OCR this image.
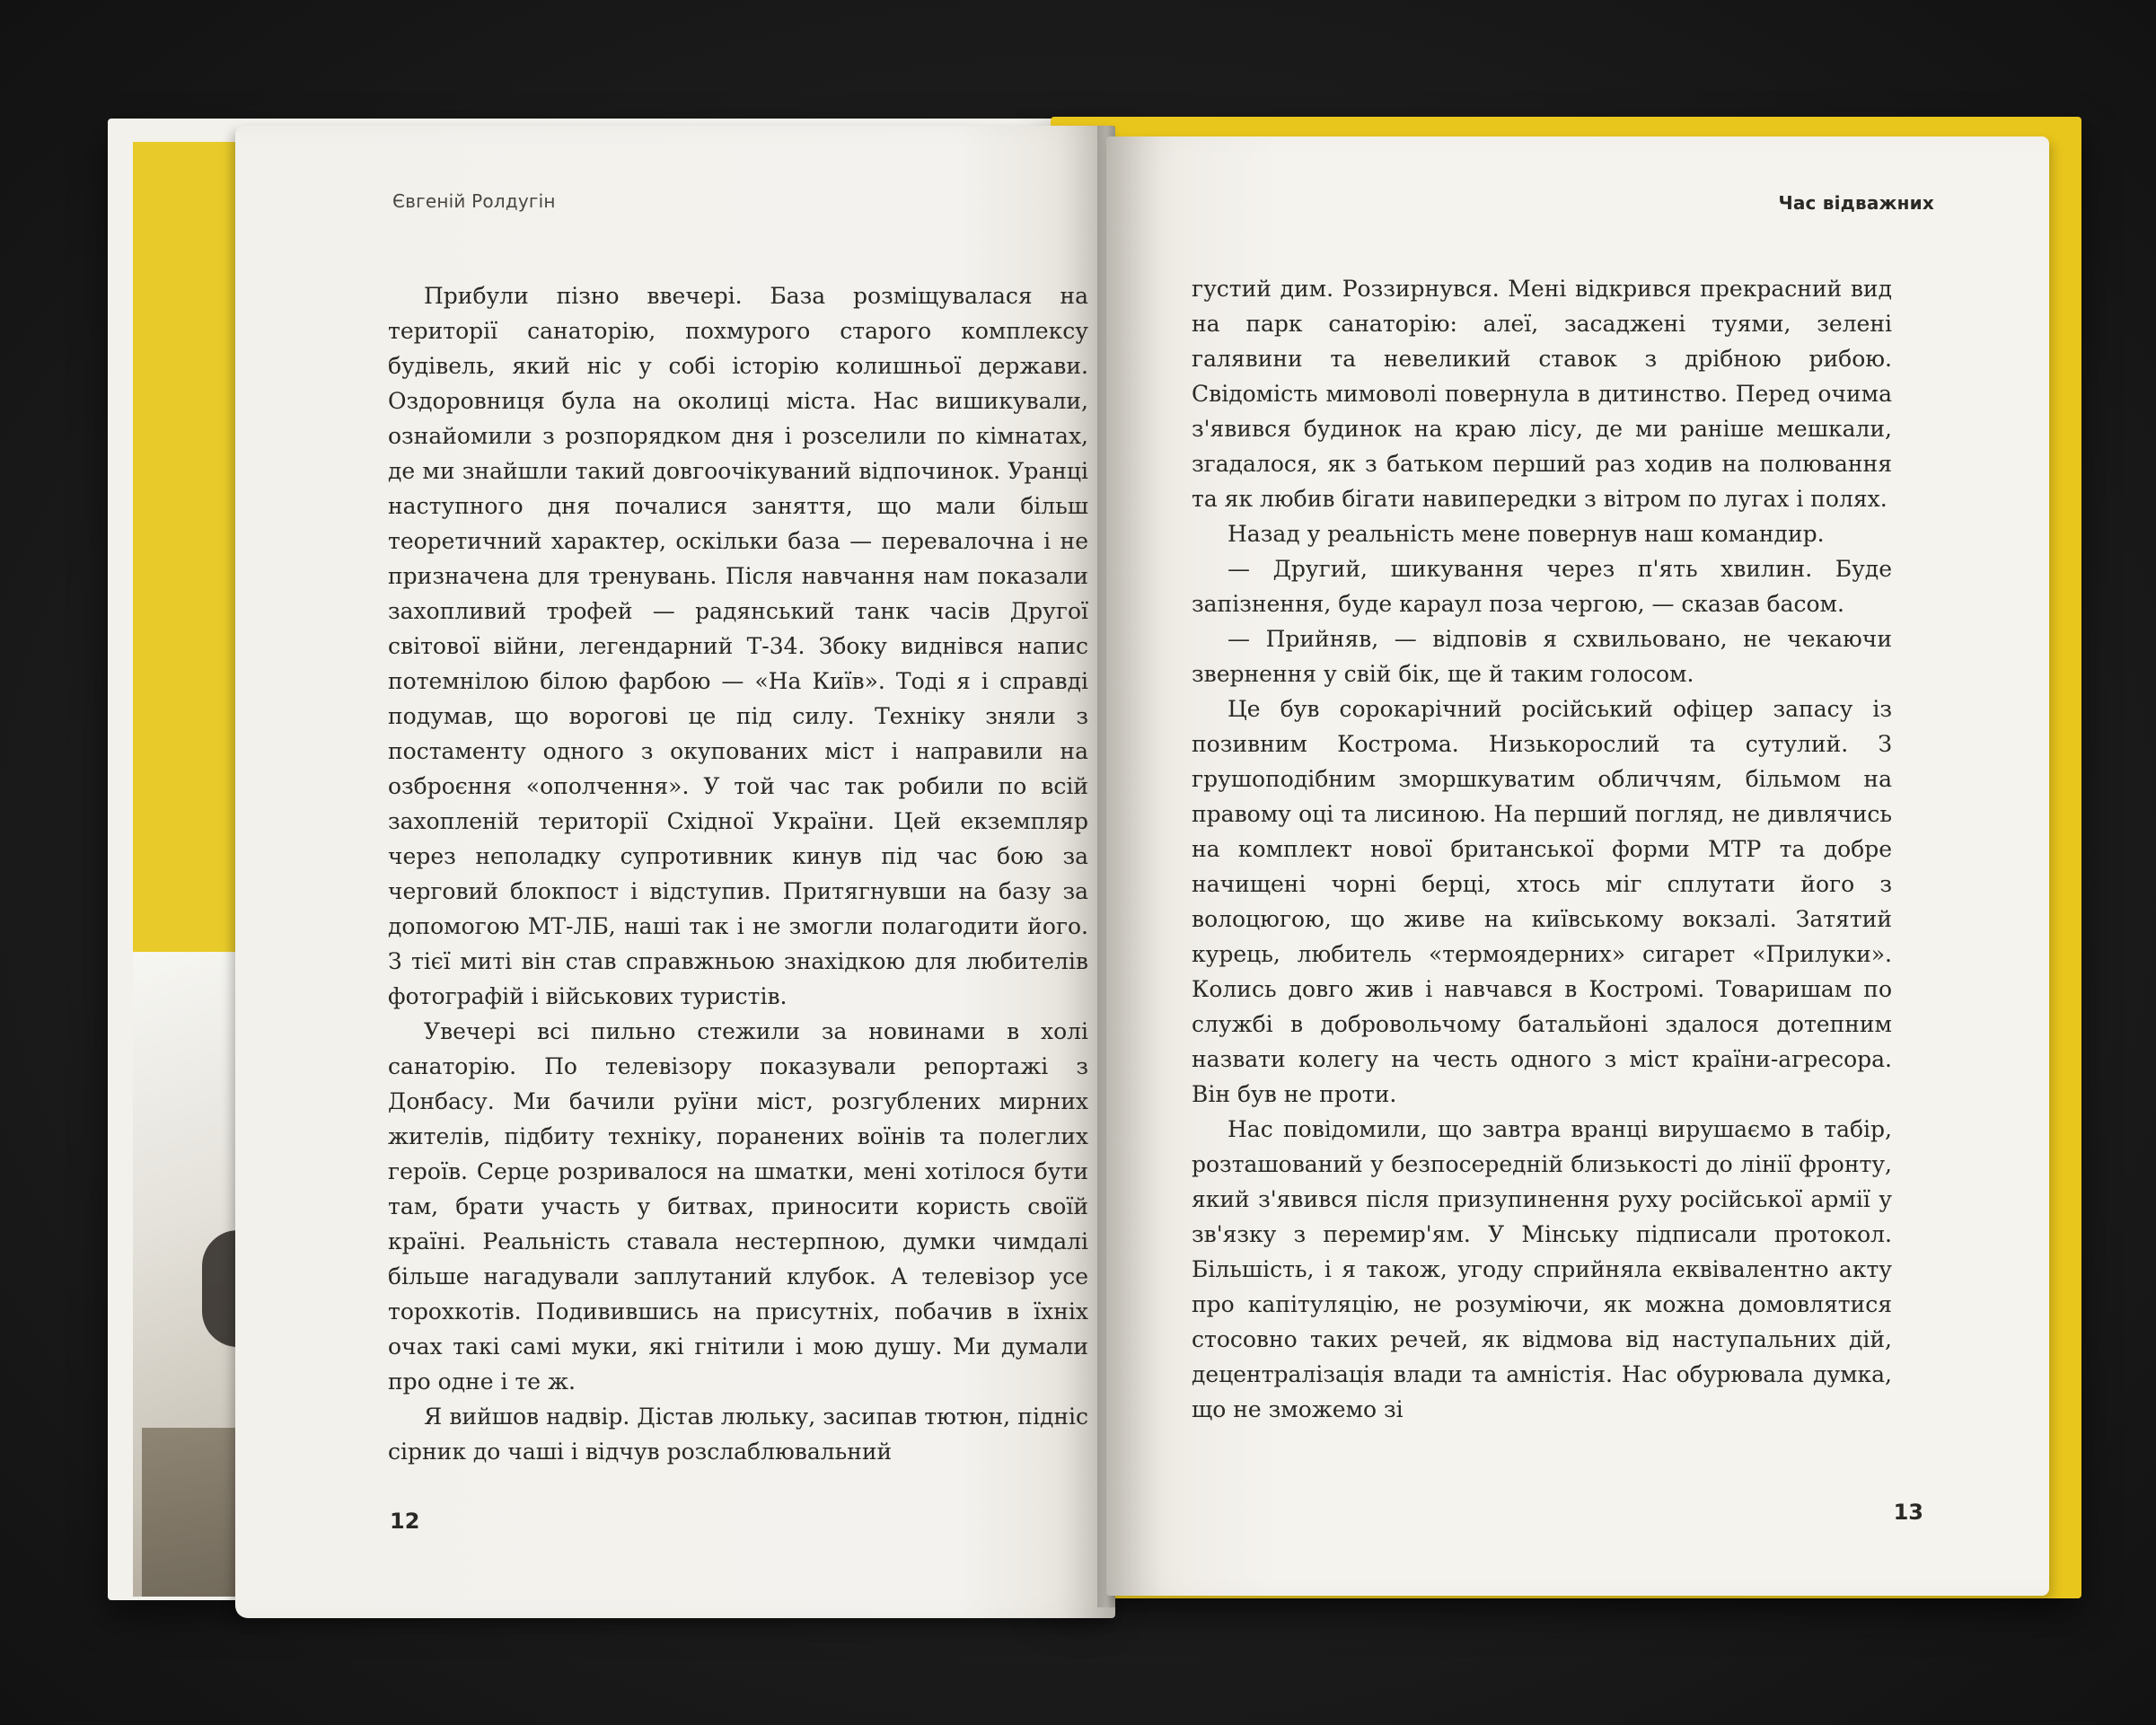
Євгеній Ролдугін

Прибули пізно ввечері. База розміщувалася на території санаторію, похмурого старого комплексу будівель, який ніс у собі історію колишньої держави. Оздоровниця була на околиці міста. Нас вишикували, ознайомили з розпорядком дня і розселили по кімнатах, де ми знайшли такий довгоочікуваний відпочинок. Уранці наступного дня почалися заняття, що мали більш теоретичний характер, оскільки база — перевалочна і не призначена для тренувань. Після навчання нам показали захопливий трофей — радянський танк часів Другої світової війни, легендарний Т-34. Збоку виднівся напис потемнілою білою фарбою — «На Київ». Тоді я і справді подумав, що ворогові це під силу. Техніку зняли з постаменту одного з окупованих міст і направили на озброєння «ополчення». У той час так робили по всій захопленій території Східної України. Цей екземпляр через неполадку супротивник кинув під час бою за черговий блокпост і відступив. Притягнувши на базу за допомогою МТ-ЛБ, наші так і не змогли полагодити його. З тієї миті він став справжньою знахідкою для любителів фотографій і військових туристів.

Увечері всі пильно стежили за новинами в холі санаторію. По телевізору показували репортажі з Донбасу. Ми бачили руїни міст, розгублених мирних жителів, підбиту техніку, поранених воїнів та полеглих героїв. Серце розривалося на шматки, мені хотілося бути там, брати участь у битвах, приносити користь своїй країні. Реальність ставала нестерпною, думки чимдалі більше нагадували заплутаний клубок. А телевізор усе торохкотів. Подивившись на присутніх, побачив в їхніх очах такі самі муки, які гнітили і мою душу. Ми думали про одне і те ж.

Я вийшов надвір. Дістав люльку, засипав тютюн, підніс сірник до чаші і відчув розслаблювальний

12
Час відважних

густий дим. Роззирнувся. Мені відкрився прекрасний вид на парк санаторію: алеї, засаджені туями, зелені галявини та невеликий ставок з дрібною рибою. Свідомість мимоволі повернула в дитинство. Перед очима з'явився будинок на краю лісу, де ми раніше мешкали, згадалося, як з батьком перший раз ходив на полювання та як любив бігати навипередки з вітром по лугах і полях.

Назад у реальність мене повернув наш командир.

— Другий, шикування через п'ять хвилин. Буде запізнення, буде караул поза чергою, — сказав басом.

— Прийняв, — відповів я схвильовано, не чекаючи звернення у свій бік, ще й таким голосом.

Це був сорокарічний російський офіцер запасу із позивним Кострома. Низькорослий та сутулий. З грушоподібним зморшкуватим обличчям, більмом на правому оці та лисиною. На перший погляд, не дивлячись на комплект нової британської форми МТР та добре начищені чорні берці, хтось міг сплутати його з волоцюгою, що живе на київському вокзалі. Затятий курець, любитель «термоядерних» сигарет «Прилуки». Колись довго жив і навчався в Костромі. Товаришам по службі в добровольчому батальйоні здалося дотепним назвати колегу на честь одного з міст країни-агресора. Він був не проти.

Нас повідомили, що завтра вранці вирушаємо в табір, розташований у безпосередній близькості до лінії фронту, який з'явився після призупинення руху російської армії у зв'язку з перемир'ям. У Мінську підписали протокол. Більшість, і я також, угоду сприйняла еквівалентно акту про капітуляцію, не розуміючи, як можна домовлятися стосовно таких речей, як відмова від наступальних дій, децентралізація влади та амністія. Нас обурювала думка, що не зможемо зі

13
